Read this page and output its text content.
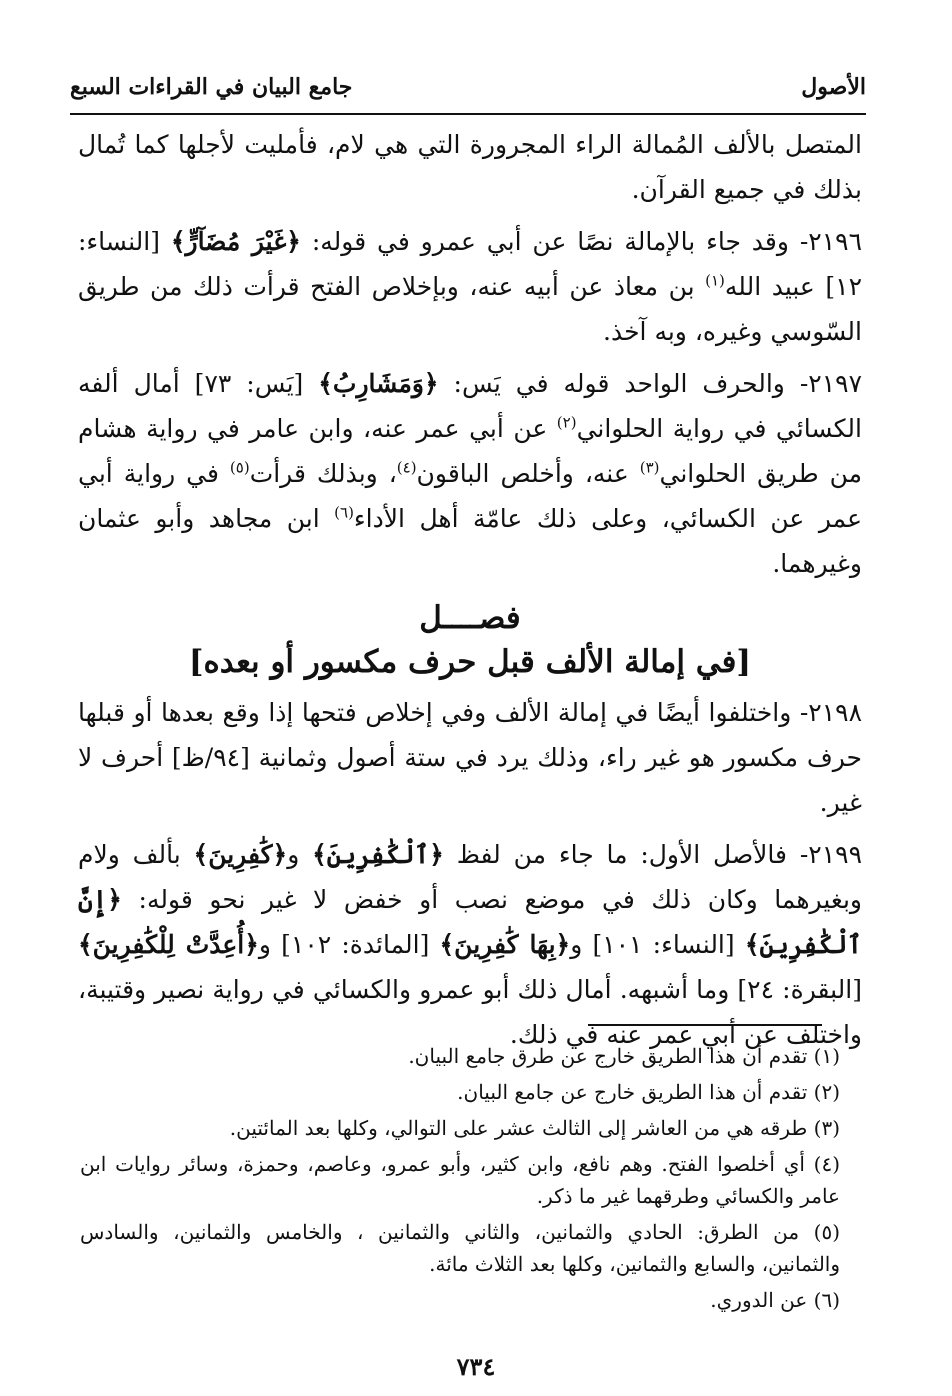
الأصول
جامع البيان في القراءات السبع

المتصل بالألف المُمالة الراء المجرورة التي هي لام، فأمليت لأجلها كما تُمال بذلك في جميع القرآن.

٢١٩٦- وقد جاء بالإمالة نصًا عن أبي عمرو في قوله: ﴿غَيْرَ مُضَآرٍّ﴾ [النساء: ١٢] عبيد الله$^{(١)}$ بن معاذ عن أبيه عنه، وبإخلاص الفتح قرأت ذلك من طريق السّوسي وغيره، وبه آخذ.

٢١٩٧- والحرف الواحد قوله في يَس: ﴿وَمَشَارِبُ﴾ [يَس: ٧٣] أمال ألفه الكسائي في رواية الحلواني$^{(٢)}$ عن أبي عمر عنه، وابن عامر في رواية هشام من طريق الحلواني$^{(٣)}$ عنه، وأخلص الباقون$^{(٤)}$، وبذلك قرأت$^{(٥)}$ في رواية أبي عمر عن الكسائي، وعلى ذلك عامّة أهل الأداء$^{(٦)}$ ابن مجاهد وأبو عثمان وغيرهما.

فصــــل
[في إمالة الألف قبل حرف مكسور أو بعده]

٢١٩٨- واختلفوا أيضًا في إمالة الألف وفي إخلاص فتحها إذا وقع بعدها أو قبلها حرف مكسور هو غير راء، وذلك يرد في ستة أصول وثمانية [٩٤/ظ] أحرف لا غير.

٢١٩٩- فالأصل الأول: ما جاء من لفظ ﴿ٱلْكَٰفِرِينَ﴾ و﴿كَٰفِرِينَ﴾ بألف ولام وبغيرهما وكان ذلك في موضع نصب أو خفض لا غير نحو قوله: ﴿إِنَّ ٱلْكَٰفِرِينَ﴾ [النساء: ١٠١] و﴿بِهَا كَٰفِرِينَ﴾ [المائدة: ١٠٢] و﴿أُعِدَّتْ لِلْكَٰفِرِينَ﴾ [البقرة: ٢٤] وما أشبهه. أمال ذلك أبو عمرو والكسائي في رواية نصير وقتيبة، واختلف عن أبي عمر عنه في ذلك.

(١) تقدم أن هذا الطريق خارج عن طرق جامع البيان.

(٢) تقدم أن هذا الطريق خارج عن جامع البيان.

(٣) طرقه هي من العاشر إلى الثالث عشر على التوالي، وكلها بعد المائتين.

(٤) أي أخلصوا الفتح. وهم نافع، وابن كثير، وأبو عمرو، وعاصم، وحمزة، وسائر روايات ابن عامر والكسائي وطرقهما غير ما ذكر.

(٥) من الطرق: الحادي والثمانين، والثاني والثمانين ، والخامس والثمانين، والسادس والثمانين، والسابع والثمانين، وكلها بعد الثلاث مائة.

(٦) عن الدوري.

٧٣٤
